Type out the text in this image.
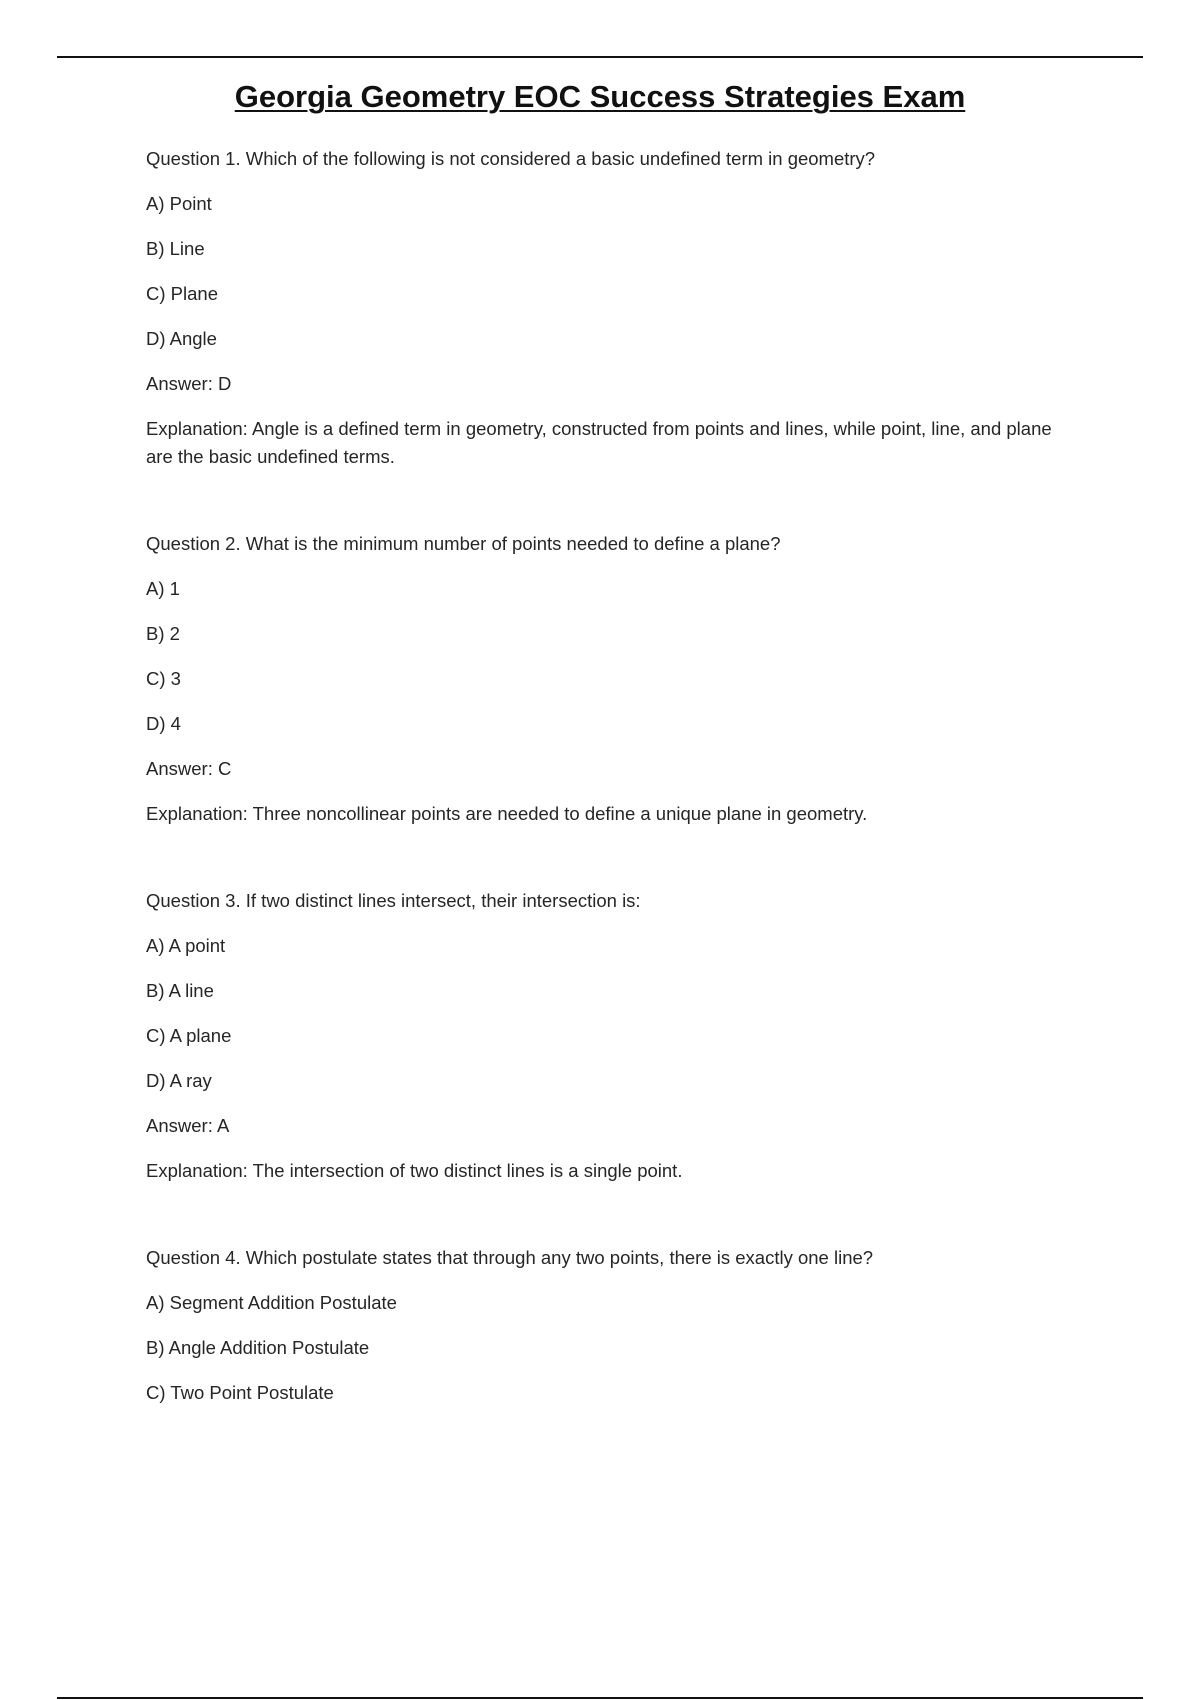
Georgia Geometry EOC Success Strategies Exam

Question 1. Which of the following is not considered a basic undefined term in geometry?

A) Point

B) Line

C) Plane

D) Angle

Answer: D

Explanation: Angle is a defined term in geometry, constructed from points and lines, while point, line, and plane are the basic undefined terms.

Question 2. What is the minimum number of points needed to define a plane?

A) 1

B) 2

C) 3

D) 4

Answer: C

Explanation: Three noncollinear points are needed to define a unique plane in geometry.

Question 3. If two distinct lines intersect, their intersection is:

A) A point

B) A line

C) A plane

D) A ray

Answer: A

Explanation: The intersection of two distinct lines is a single point.

Question 4. Which postulate states that through any two points, there is exactly one line?

A) Segment Addition Postulate

B) Angle Addition Postulate

C) Two Point Postulate
